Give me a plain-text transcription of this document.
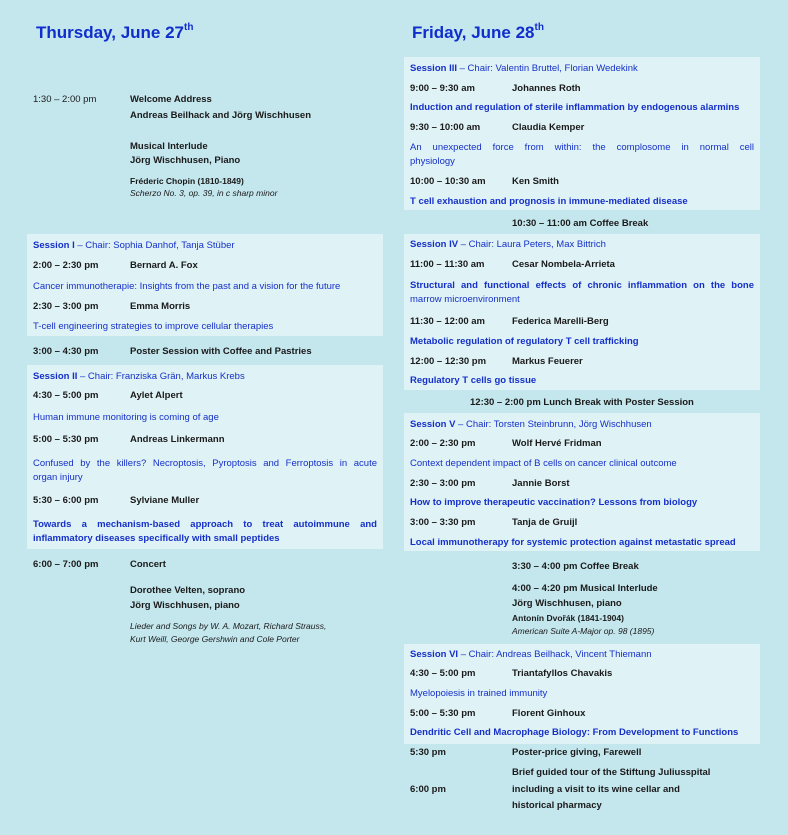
Thursday, June 27th
1:30 – 2:00 pm	Welcome Address
Andreas Beilhack and Jörg Wischhusen
Musical Interlude
Jörg Wischhusen, Piano
Fréderic Chopin (1810-1849)
Scherzo No. 3, op. 39, in c sharp minor
Session I – Chair: Sophia Danhof, Tanja Stüber
2:00 – 2:30 pm	Bernard A. Fox
Cancer immunotherapie: Insights from the past and a vision for the future
2:30 – 3:00 pm	Emma Morris
T-cell engineering strategies to improve cellular therapies
3:00 – 4:30 pm	Poster Session with Coffee and Pastries
Session II – Chair: Franziska Grän, Markus Krebs
4:30 – 5:00 pm	Aylet Alpert
Human immune monitoring is coming of age
5:00 – 5:30 pm	Andreas Linkermann
Confused by the killers? Necroptosis, Pyroptosis and Ferroptosis in acute
organ injury
5:30 – 6:00 pm	Sylviane Muller
Towards a mechanism-based approach to treat autoimmune and
inflammatory diseases specifically with small peptides
6:00 – 7:00 pm	Concert
Dorothee Velten, soprano
Jörg Wischhusen, piano
Lieder and Songs by W. A. Mozart, Richard Strauss,
Kurt Weill, George Gershwin and Cole Porter
Friday, June 28th
Session III – Chair: Valentin Bruttel, Florian Wedekink
9:00 – 9:30 am	Johannes Roth
Induction and regulation of sterile inflammation by endogenous alarmins
9:30 – 10:00 am	Claudia Kemper
An unexpected force from within: the complosome in normal cell
physiology
10:00 – 10:30 am	Ken Smith
T cell exhaustion and prognosis in immune-mediated disease
10:30 – 11:00 am Coffee Break
Session IV – Chair: Laura Peters, Max Bittrich
11:00 – 11:30 am	Cesar Nombela-Arrieta
Structural and functional effects of chronic inflammation on the bone
marrow microenvironment
11:30 – 12:00 am	Federica Marelli-Berg
Metabolic regulation of regulatory T cell trafficking
12:00 – 12:30 pm	Markus Feuerer
Regulatory T cells go tissue
12:30 – 2:00 pm Lunch Break with Poster Session
Session V – Chair: Torsten Steinbrunn, Jörg Wischhusen
2:00 – 2:30 pm	Wolf Hervé Fridman
Context dependent impact of B cells on cancer clinical outcome
2:30 – 3:00 pm	Jannie Borst
How to improve therapeutic vaccination? Lessons from biology
3:00 – 3:30 pm	Tanja de Gruijl
Local immunotherapy for systemic protection against metastatic spread
3:30 – 4:00 pm Coffee Break
4:00 – 4:20 pm Musical Interlude
Jörg Wischhusen, piano
Antonín Dvořák (1841-1904)
American Suite A-Major op. 98 (1895)
Session VI – Chair: Andreas Beilhack, Vincent Thiemann
4:30 – 5:00 pm	Triantafyllos Chavakis
Myelopoiesis in trained immunity
5:00 – 5:30 pm	Florent Ginhoux
Dendritic Cell and Macrophage Biology: From Development to Functions
5:30 pm	Poster-price giving, Farewell
Brief guided tour of the Stiftung Juliusspital
6:00 pm	including a visit to its wine cellar and
historical pharmacy
